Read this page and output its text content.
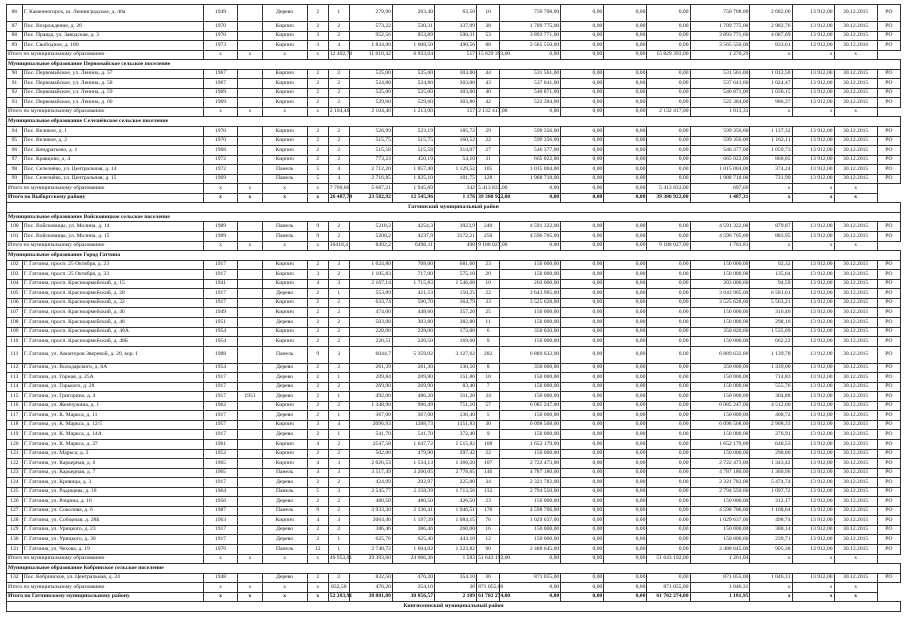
86	Г. Каменногорск, ш. Ленинградское, д. 40а	1949		Дерево	2	1	279,90	263,40	63,50	10	750 708,00	0,00	0,00	0,00	750 708,00	2 682,06	13 912,00	30.12.2015	РО
87	Пос. Возрождение, д. 26	1970		Кирпич	2	2	573,22	530,31	337,09	38	1 709 775,00	0,00	0,00	0,00	1 709 775,00	2 982,76	13 912,00	30.12.2015	РО
88	Пос. Правда, ул. Заводская, д. 3	1970		Кирпич	3	2	952,56	853,89	590,31	53	3 893 771,00	0,00	0,00	0,00	3 893 771,00	4 087,69	13 912,00	30.12.2015	РО
89	Пос. Свободное, д. 180	1973		Кирпич	3	4	1 834,00	1 608,50	490,56	88	3 565 550,00	0,00	0,00	0,00	3 565 550,00	833,61	13 912,00	30.12.2016	РО
Итого по муниципальному образованию		x	x	x	x	12 402,70	11 010,42	6 933,04	517	15 829 393,00	0,00	0,00	0,00	15 829 393,00	1 276,29	x	x	x	
Муниципальное образование Первомайское сельское поселение																			
90	Пос. Первомайское, ул. Ленина, д. 57	1967		Кирпич	2	2	525,00	525,00	303,00	44	531 561,00	0,00	0,00	0,00	531 561,00	1 012,50	13 912,00	30.12.2015	РО
91	Пос. Первомайское, ул. Ленина, д. 58	1967		Кирпич	2	2	524,80	524,80	303,00	43	537 641,00	0,00	0,00	0,00	537 641,00	1 024,47	13 912,00	30.12.2015	РО
92	Пос. Первомайское, ул. Ленина, д. 59	1969		Кирпич	2	2	525,00	525,00	303,00	40	540 871,00	0,00	0,00	0,00	540 871,00	1 030,15	13 912,00	30.12.2015	РО
93	Пос. Первомайское, ул. Ленина, д. 60	1969		Кирпич	2	2	529,60	529,60	303,80	42	522 384,00	0,00	0,00	0,00	522 384,00	986,37	13 912,00	30.12.2015	РО
Итого по муниципальному образованию		x	x	x	x	2 104,40	2 104,40	1 213,00	157	2 132 417,00	0,00	0,00	0,00	2 132 417,00	1 013,31	x	x	x	
Муниципальное образование Селезнёвское сельское поселение																			
94	Пос. Великое, д. 1	1970		Кирпич	2	2	526,99	523,19	185,72	29	599 356,00	0,00	0,00	0,00	599 356,00	1 137,32	13 912,00	30.12.2015	РО
95	Пос. Великое, д. 2	1970		Кирпич	2	2	515,75	515,75	160,52	22	599 356,00	0,00	0,00	0,00	599 356,00	1 162,11	13 912,00	30.12.2015	РО
96	Пос. Кондратьево, д. 1	1968		Кирпич	2	2	515,58	515,58	314,07	27	546 377,00	0,00	0,00	0,00	546 377,00	1 059,73	13 912,00	30.12.2015	РО
97	Пос. Кравцово, д. 4	1972		Кирпич	2	2	773,23	450,19	54,10	31	665 022,00	0,00	0,00	0,00	665 022,00	860,05	13 912,00	30.12.2015	РО
98	Пос. Селезнёво, ул. Центральная, д. 14	1972		Панель	5	4	2 712,20	1 857,40	1 129,52	105	1 015 004,00	0,00	0,00	0,00	1 015 004,00	374,24	13 912,00	30.12.2015	РО
99	Пос. Селезнёво, ул. Центральная, д. 15	1969		Панель	5	4	2 716,85	1 825,10	101,75	128	1 988 718,00	0,00	0,00	0,00	1 988 718,00	731,99	13 912,00	30.12.2015	РО
Итого по муниципальному образованию		x	x	x	x	7 760,60	5 687,21	1 945,69	342	5 413 833,00	0,00	0,00	0,00	5 413 833,00	697,60	x	x	x	
Итого по Выборгскому району		x	x	x	x	26 487,70	23 582,92	12 545,96	1 176	39 380 922,00	0,00	0,00	0,00	39 380 922,00	1 487,31	x	x	x	
Гатчинский муниципальный район																			
Муниципальное образование Войсковицкое сельское поселение																			
100	Пос. Войсковицы, ул. Молина, д. 14	1989		Панель	9	2	5218,2	4254,3	3923,9	240	4 591 322,00	0,00	0,00	0,00	4 591 322,00	879,87	13 912,00	30.12.2015	РО
101	Пос. Войсковицы, ул. Молина, д. 15	1989		Панель	9	2	5200,2	4237,9	3172,21	250	4 596 705,00	0,00	0,00	0,00	4 596 705,00	883,95	13 912,00	30.12.2015	РО
Итого по муниципальному образованию		x	x	x	x	10418,4	8492,2	6496,11	490	9 188 027,00	0,00	0,00	0,00	9 188 027,00	1 763,81	x	x	x	
Муниципальное образование Город Гатчина																			
102	Г. Гатчина, просп. 25 Октября, д. 23	1917		Кирпич	2	3	1 624,80	708,00	681,60	23	150 000,00	0,00	0,00	0,00	150 000,00	92,32	13 912,00	30.12.2015	РО
103	Г. Гатчина, просп. 25 Октября, д. 33	1917		Кирпич	3	2	1 105,83	717,00	575,10	20	150 000,00	0,00	0,00	0,00	150 000,00	135,64	13 912,00	30.12.2015	РО
104	Г. Гатчина, просп. Красноармейский, д. 15	1941		Кирпич	4	3	2 167,14	1 715,83	1 546,60	10	203 000,00	0,00	0,00	0,00	203 000,00	94,59	13 912,00	30.12.2015	РО
105	Г. Гатчина, просп. Красноармейский, д. 28	1917		Дерево	2	1	553,89	421,53	150,25	22	3 643 965,00	0,00	0,00	0,00	3 643 965,00	6 581,61	13 912,00	30.12.2015	РО
106	Г. Гатчина, просп. Красноармейский, д. 32	1917		Кирпич	2	2	633,74	590,70	364,79	33	3 525 628,00	0,00	0,00	0,00	3 525 628,00	5 563,21	13 912,00	30.12.2015	РО
107	Г. Гатчина, просп. Красноармейский, д. 46	1949		Кирпич	2	2	474,00	448,60	357,20	25	150 000,00	0,00	0,00	0,00	150 000,00	316,46	13 912,00	30.12.2015	РО
108	Г. Гатчина, просп. Красноармейский, д. 48	1951		Дерево	2	2	503,08	303,80	382,80	11	150 000,00	0,00	0,00	0,00	150 000,00	298,16	13 912,00	30.12.2015	РО
109	Г. Гатчина, просп. Красноармейский, д. 48А	1954		Кирпич	2	2	228,00	228,00	173,00	6	350 020,00	0,00	0,00	0,00	350 020,00	1 535,09	13 912,00	30.12.2015	РО
110	Г. Гатчина, просп. Красноармейский, д. 48Б	1954		Кирпич	2	2	226,51	226,50	169,60	9	150 000,00	0,00	0,00	0,00	150 000,00	662,22	13 912,00	30.12.2015	РО
111	Г. Гатчина, ул. Авиаторов Зверевой, д. 20, кор. 1	1988		Панель	9	3	6044,7	5 359,02	3 127,62	282	6 889 632,00	0,00	0,00	0,00	6 889 632,00	1 139,78	13 912,00	30.12.2015	РО
112	Г. Гатчина, ул. Володарского, д. 8А	1954		Дерево	2	2	261,39	261,30	130,50	8	350 000,00	0,00	0,00	0,00	350 000,00	1 339,00	13 912,00	30.12.2015	РО
113	Г. Гатчина, ул. Горная, д. 25А	1917		Дерево	2	1	209,84	209,80	151,80	10	150 000,00	0,00	0,00	0,00	150 000,00	714,83	13 912,00	30.12.2015	РО
114	Г. Гатчина, ул. Горького, д. 28	1917		Дерево	2	2	269,90	269,90	83,40	7	150 000,00	0,00	0,00	0,00	150 000,00	555,76	13 912,00	30.12.2015	РО
115	Г. Гатчина, ул. Григорина, д. 4	1917	1951	Дерево	2	1	492,00	486,20	311,20	34	150 000,00	0,00	0,00	0,00	150 000,00	304,88	13 912,00	30.12.2015	РО
116	Г. Гатчина, ул. Жемчужина, д. 1	1962		Кирпич	2	2	1 348,90	996,49	751,10	57	6 085 247,00	0,00	0,00	0,00	6 085 247,00	4 512,60	13 912,00	30.12.2015	РО
117	Г. Гатчина, ул. К. Маркса, д. 11	1917		Дерево	2	1	367,00	367,00	136,40	5	150 000,00	0,00	0,00	0,00	150 000,00	408,72	13 912,00	30.12.2015	РО
118	Г. Гатчина, ул. К. Маркса, д. 12/5	1957		Кирпич	3	4	2096,93	1288,73	1151,83	30	6 098 568,00	0,00	0,00	0,00	6 098 568,00	2 908,33	13 912,00	30.12.2015	РО
119	Г. Гатчина, ул. К. Маркса, д. 14А	1917		Дерево	2	1	541,70	541,70	372,40	9	150 000,00	0,00	0,00	0,00	150 000,00	276,91	13 912,00	30.12.2015	РО
120	Г. Гатчина, ул. К. Маркса, д. 37	1961		Кирпич	4	2	2547,58	1 647,72	1 515,82	108	1 652 179,00	0,00	0,00	0,00	1 652 179,00	648,53	13 912,00	30.12.2015	РО
121	Г. Гатчина, ул. Маркса, д. 3	1952		Кирпич	2	2	502,00	479,90	397,42	22	150 000,00	0,00	0,00	0,00	150 000,00	298,80	13 912,00	30.12.2015	РО
122	Г. Гатчина, ул. Карьерная, д. 6	1965		Кирпич	4	3	2 026,53	1 534,13	1 366,20	107	2 722 473,00	0,00	0,00	0,00	2 722 473,00	1 343,42	13 912,00	30.12.2015	РО
123	Г. Гатчина, ул. Карьерная, д. 7	1965		Панель	4	3	3 517,49	3 260,05	2 778,05	146	4 787 180,00	0,00	0,00	0,00	4 787 180,00	1 360,96	13 912,00	30.12.2015	РО
124	Г. Гатчина, ул. Кривица, д. 3	1917		Дерево	2	2	424,09	292,97	225,00	34	2 321 782,00	0,00	0,00	0,00	2 321 782,00	5 474,74	13 912,00	30.12.2015	РО
125	Г. Гатчина, ул. Радищева, д. 18	1964		Панель	5	3	2 545,77	2 158,39	1 713,56	132	2 794 550,00	0,00	0,00	0,00	2 794 550,00	1 097,72	13 912,00	30.12.2015	РО
126	Г. Гатчина, ул. Рощина, д. 16	1956		Дерево	2	2	480,50	480,50	426,50	23	150 000,00	0,00	0,00	0,00	150 000,00	312,17	13 912,00	30.12.2015	РО
127	Г. Гатчина, ул. Соколова, д. 6	1987		Панель	9	2	3 933,30	2 136,41	1 946,51	170	4 598 706,00	0,00	0,00	0,00	4 598 706,00	1 168,64	13 912,00	30.12.2015	РО
128	Г. Гатчина, ул. Соборная, д. 28Б	1963		Кирпич	4	3	2064,46	1 197,39	1 084,15	76	1 029 637,00	0,00	0,00	0,00	1 029 637,00	498,74	13 912,00	30.12.2015	РО
129	Г. Гатчина, ул. Урицкого, д. 23	1917		Дерево	2	2	386,46	386,46	260,00	16	150 000,00	0,00	0,00	0,00	150 000,00	388,14	13 912,00	30.12.2015	РО
130	Г. Гатчина, ул. Урицкого, д. 30	1917		Дерево	2	1	625,76	625,40	443,10	12	150 000,00	0,00	0,00	0,00	150 000,00	239,71	13 912,00	30.12.2015	РО
131	Г. Гатчина, ул. Чехова, д. 19	1976		Панель	12	1	2 748,72	1 604,02	1 223,82	90	2 488 645,00	0,00	0,00	0,00	2 488 645,00	905,38	13 912,00	30.12.2015	РО
Итого по муниципальному образованию		x	x	x	x	40 953,01	29 393,60	24 006,36	1 583	51 643 192,00	0,00	0,00	0,00	51 643 192,00	1 261,04	x	x	x	
Муниципальное образование Кобринское сельское поселение																			
132	Пос. Кобринское, ул. Центральная, д. 24	1948		Дерево	2	2	832,50	476,20	354,10	36	871 055,00	0,00	0,00	0,00	871 055,00	1 046,31	13 912,00	30.12.2015	РО
Итого по муниципальному образованию		x	x	x	x	832,50	476,20	354,10	36	871 055,00	0,00	0,00	0,00	871 055,00	1 046,31	x	x	x	
Итого по Гатчинскому муниципальному району		x	x	x	x	52 203,91	38 001,80	30 856,57	2 109	61 702 274,00	0,00	0,00	0,00	61 702 274,00	1 181,95	x	x	x	
Кингисеппский муниципальный район																			
